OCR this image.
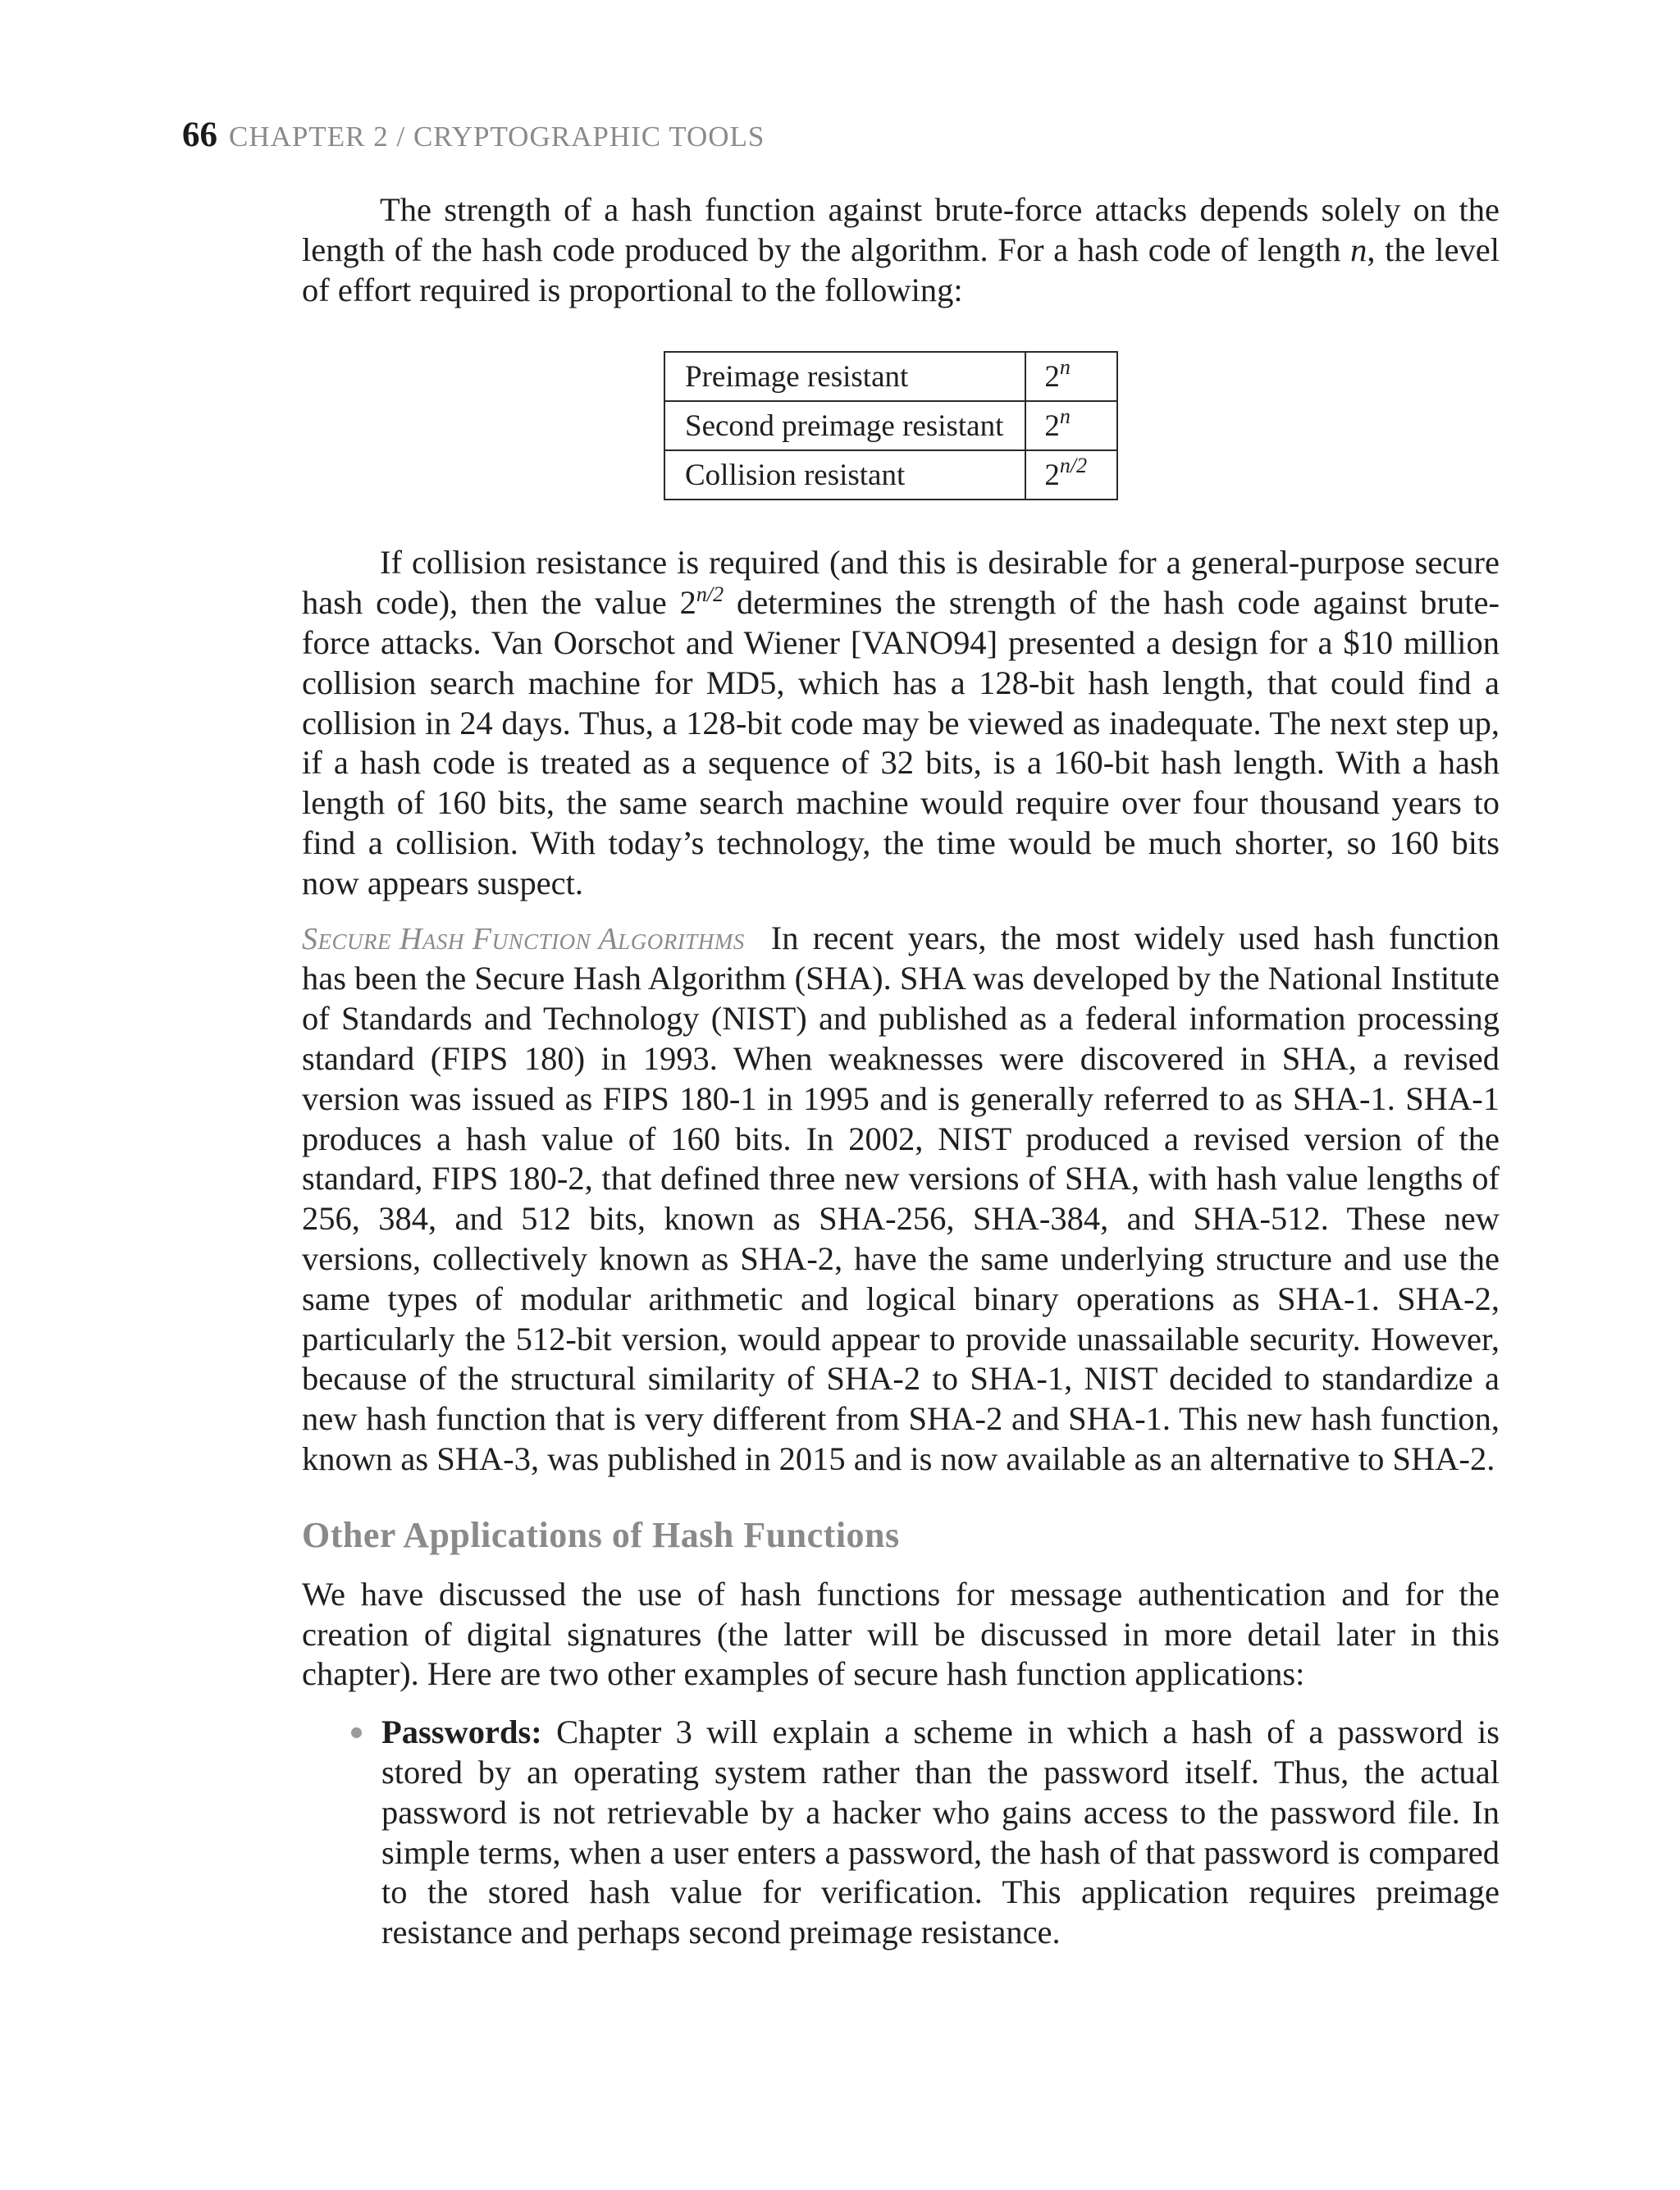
66 CHAPTER 2 / CRYPTOGRAPHIC TOOLS

The strength of a hash function against brute-force attacks depends solely on the length of the hash code produced by the algorithm. For a hash code of length n, the level of effort required is proportional to the following:

Preimage resistant	2$^n$
Second preimage resistant	2$^n$
Collision resistant	$2^{n/2}$

If collision resistance is required (and this is desirable for a general-purpose secure hash code), then the value $2^{n/2}$ determines the strength of the hash code against brute-force attacks. Van Oorschot and Wiener [VANO94] presented a design for a $10 million collision search machine for MD5, which has a 128-bit hash length, that could find a collision in 24 days. Thus, a 128-bit code may be viewed as inadequate. The next step up, if a hash code is treated as a sequence of 32 bits, is a 160-bit hash length. With a hash length of 160 bits, the same search machine would require over four thousand years to find a collision. With today’s technology, the time would be much shorter, so 160 bits now appears suspect.

Secure Hash Function Algorithms In recent years, the most widely used hash function has been the Secure Hash Algorithm (SHA). SHA was developed by the National Institute of Standards and Technology (NIST) and published as a federal information processing standard (FIPS 180) in 1993. When weaknesses were discovered in SHA, a revised version was issued as FIPS 180-1 in 1995 and is generally referred to as SHA-1. SHA-1 produces a hash value of 160 bits. In 2002, NIST produced a revised version of the standard, FIPS 180-2, that defined three new versions of SHA, with hash value lengths of 256, 384, and 512 bits, known as SHA-256, SHA-384, and SHA-512. These new versions, collectively known as SHA-2, have the same underlying structure and use the same types of modular arithmetic and logical binary operations as SHA-1. SHA-2, particularly the 512-bit version, would appear to provide unassailable security. However, because of the structural similarity of SHA-2 to SHA-1, NIST decided to standardize a new hash function that is very different from SHA-2 and SHA-1. This new hash function, known as SHA-3, was published in 2015 and is now available as an alternative to SHA-2.

Other Applications of Hash Functions

We have discussed the use of hash functions for message authentication and for the creation of digital signatures (the latter will be discussed in more detail later in this chapter). Here are two other examples of secure hash function applications:

Passwords: Chapter 3 will explain a scheme in which a hash of a password is stored by an operating system rather than the password itself. Thus, the actual password is not retrievable by a hacker who gains access to the password file. In simple terms, when a user enters a password, the hash of that password is compared to the stored hash value for verification. This application requires preimage resistance and perhaps second preimage resistance.
